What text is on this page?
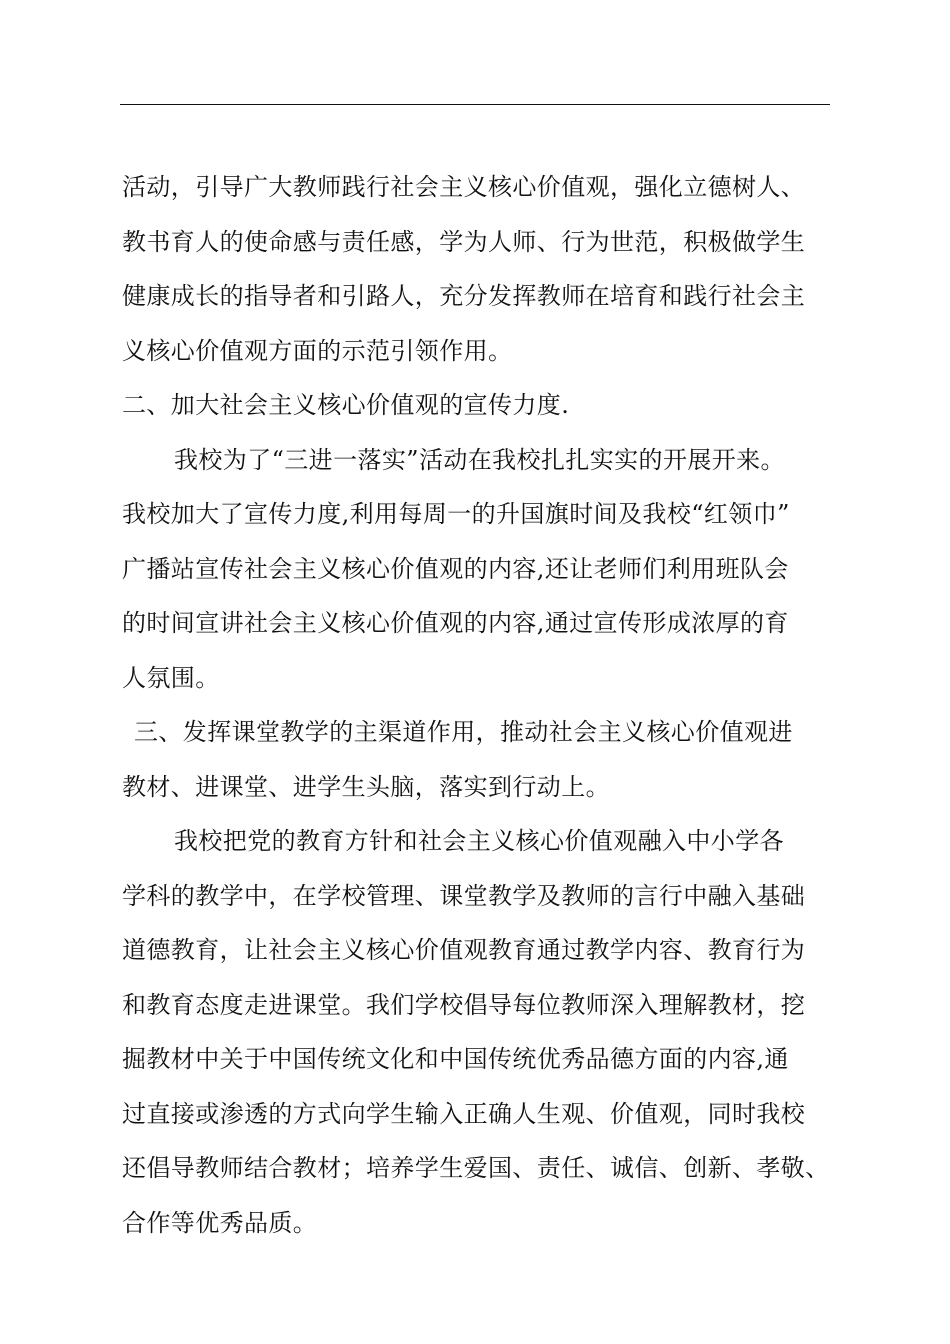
活动，引导广大教师践行社会主义核心价值观，强化立德树人、
教书育人的使命感与责任感，学为人师、行为世范，积极做学生
健康成长的指导者和引路人，充分发挥教师在培育和践行社会主
义核心价值观方面的示范引领作用。
二、加大社会主义核心价值观的宣传力度.
我校为了“三进一落实”活动在我校扎扎实实的开展开来。
我校加大了宣传力度,利用每周一的升国旗时间及我校“红领巾”
广播站宣传社会主义核心价值观的内容,还让老师们利用班队会
的时间宣讲社会主义核心价值观的内容,通过宣传形成浓厚的育
人氛围。
三、发挥课堂教学的主渠道作用，推动社会主义核心价值观进
教材、进课堂、进学生头脑，落实到行动上。
我校把党的教育方针和社会主义核心价值观融入中小学各
学科的教学中，在学校管理、课堂教学及教师的言行中融入基础
道德教育，让社会主义核心价值观教育通过教学内容、教育行为
和教育态度走进课堂。我们学校倡导每位教师深入理解教材，挖
掘教材中关于中国传统文化和中国传统优秀品德方面的内容,通
过直接或渗透的方式向学生输入正确人生观、价值观，同时我校
还倡导教师结合教材；培养学生爱国、责任、诚信、创新、孝敬、
合作等优秀品质。
